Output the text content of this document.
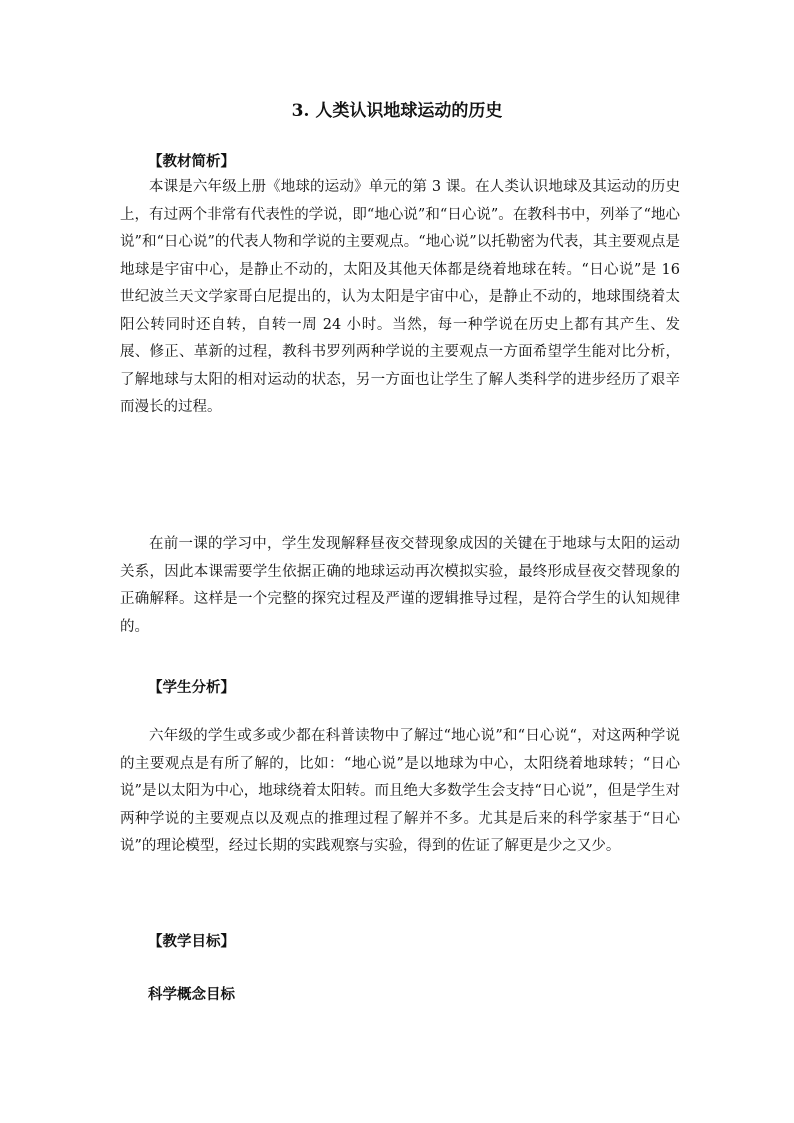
3. 人类认识地球运动的历史
【教材简析】

本课是六年级上册《地球的运动》单元的第 3 课。在人类认识地球及其运动的历史上，有过两个非常有代表性的学说，即“地心说”和“日心说”。在教科书中，列举了“地心说”和“日心说”的代表人物和学说的主要观点。“地心说”以托勒密为代表，其主要观点是地球是宇宙中心，是静止不动的，太阳及其他天体都是绕着地球在转。“日心说”是 16 世纪波兰天文学家哥白尼提出的，认为太阳是宇宙中心，是静止不动的，地球围绕着太阳公转同时还自转，自转一周 24 小时。当然，每一种学说在历史上都有其产生、发展、修正、革新的过程，教科书罗列两种学说的主要观点一方面希望学生能对比分析，了解地球与太阳的相对运动的状态，另一方面也让学生了解人类科学的进步经历了艰辛而漫长的过程。

在前一课的学习中，学生发现解释昼夜交替现象成因的关键在于地球与太阳的运动关系，因此本课需要学生依据正确的地球运动再次模拟实验，最终形成昼夜交替现象的正确解释。这样是一个完整的探究过程及严谨的逻辑推导过程，是符合学生的认知规律的。

【学生分析】

六年级的学生或多或少都在科普读物中了解过“地心说”和“日心说“，对这两种学说的主要观点是有所了解的，比如：“地心说”是以地球为中心，太阳绕着地球转；“日心说”是以太阳为中心，地球绕着太阳转。而且绝大多数学生会支持“日心说”，但是学生对两种学说的主要观点以及观点的推理过程了解并不多。尤其是后来的科学家基于“日心说”的理论模型，经过长期的实践观察与实验，得到的佐证了解更是少之又少。

【教学目标】
科学概念目标
